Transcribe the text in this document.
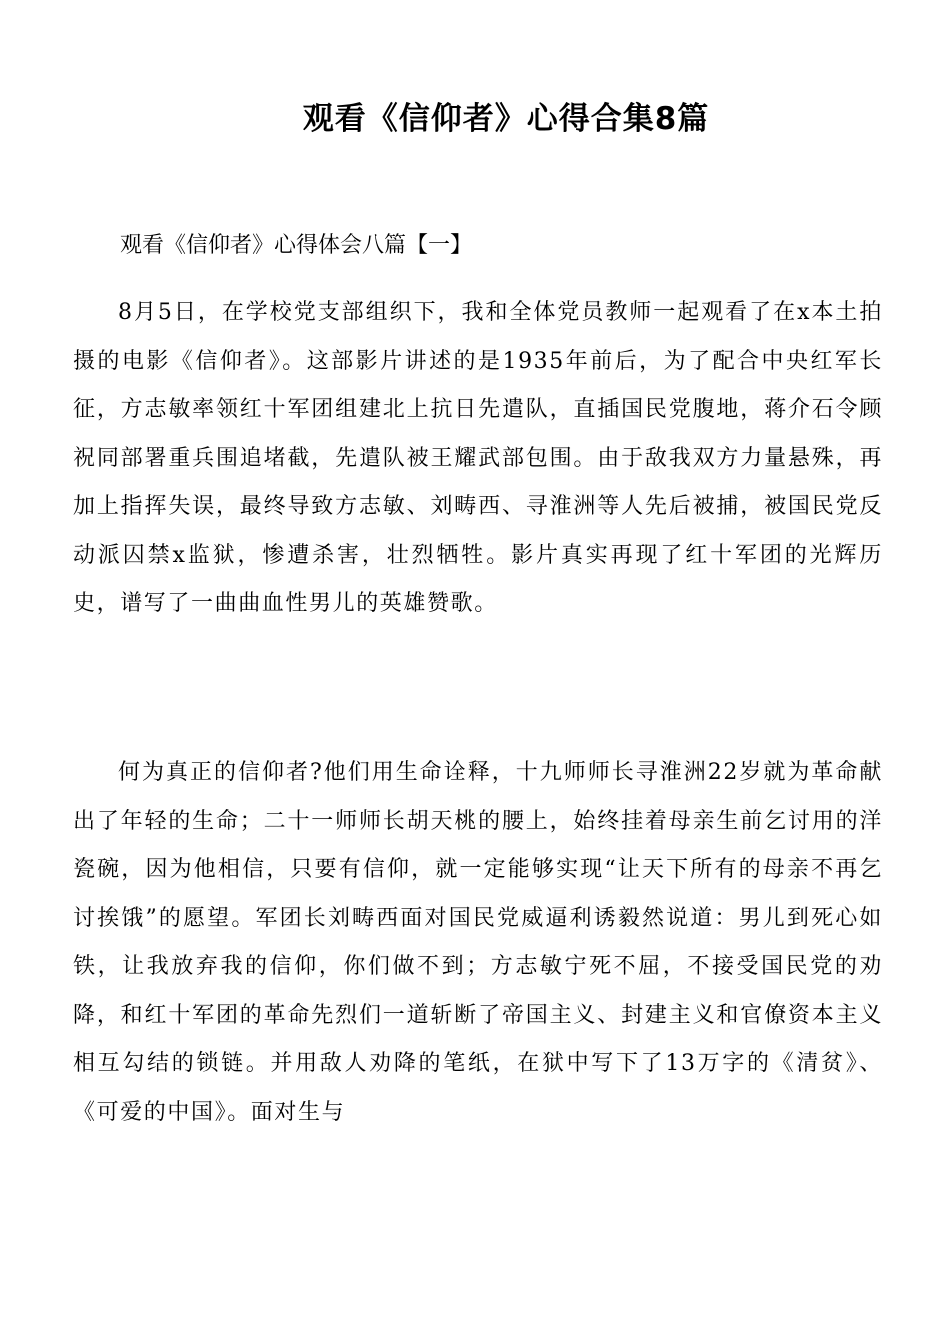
观看《信仰者》心得合集8篇

观看《信仰者》心得体会八篇【一】

8月5日，在学校党支部组织下，我和全体党员教师一起观看了在x本土拍摄的电影《信仰者》。这部影片讲述的是1935年前后，为了配合中央红军长征，方志敏率领红十军团组建北上抗日先遣队，直插国民党腹地，蒋介石令顾祝同部署重兵围追堵截，先遣队被王耀武部包围。由于敌我双方力量悬殊，再加上指挥失误，最终导致方志敏、刘畴西、寻淮洲等人先后被捕，被国民党反动派囚禁x监狱，惨遭杀害，壮烈牺牲。影片真实再现了红十军团的光辉历史，谱写了一曲曲血性男儿的英雄赞歌。

何为真正的信仰者?他们用生命诠释，十九师师长寻淮洲22岁就为革命献出了年轻的生命；二十一师师长胡天桃的腰上，始终挂着母亲生前乞讨用的洋瓷碗，因为他相信，只要有信仰，就一定能够实现“让天下所有的母亲不再乞讨挨饿”的愿望。军团长刘畴西面对国民党威逼利诱毅然说道：男儿到死心如铁，让我放弃我的信仰，你们做不到；方志敏宁死不屈，不接受国民党的劝降，和红十军团的革命先烈们一道斩断了帝国主义、封建主义和官僚资本主义相互勾结的锁链。并用敌人劝降的笔纸，在狱中写下了13万字的《清贫》、《可爱的中国》。面对生与
